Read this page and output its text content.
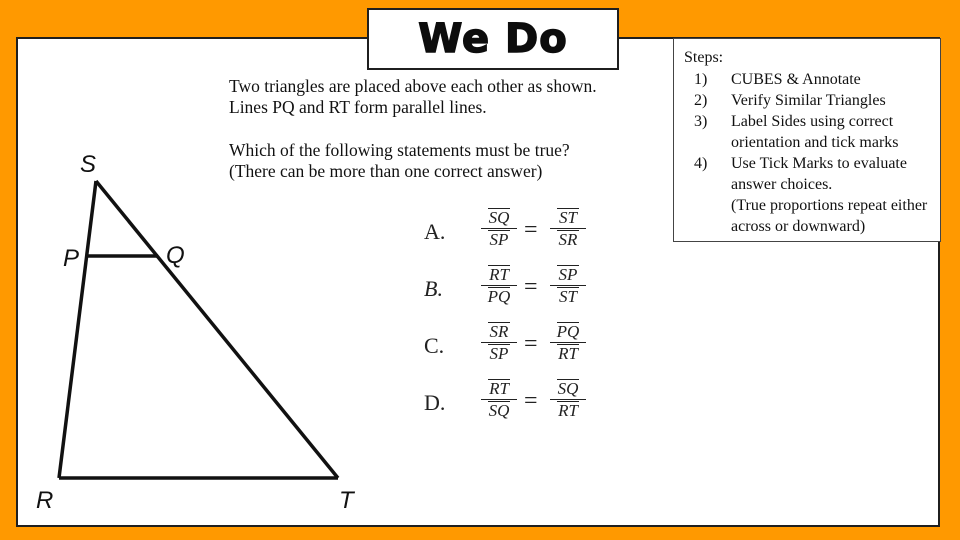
We Do

Two triangles are placed above each other as shown.

Lines PQ and RT form parallel lines.

Which of the following statements must be true?

(There can be more than one correct answer)

S
P	Q
R	T
A. $\frac{SQ}{SP} = \frac{ST}{SR}$
B. $\frac{RT}{PQ} = \frac{SP}{ST}$
C. $\frac{SR}{SP} = \frac{PQ}{RT}$
D. $\frac{RT}{SQ} = \frac{SQ}{RT}$
Steps:
1) CUBES & Annotate
2) Verify Similar Triangles
3) Label Sides using correct orientation and tick marks
4) Use Tick Marks to evaluate answer choices.
(True proportions repeat either across or downward)
